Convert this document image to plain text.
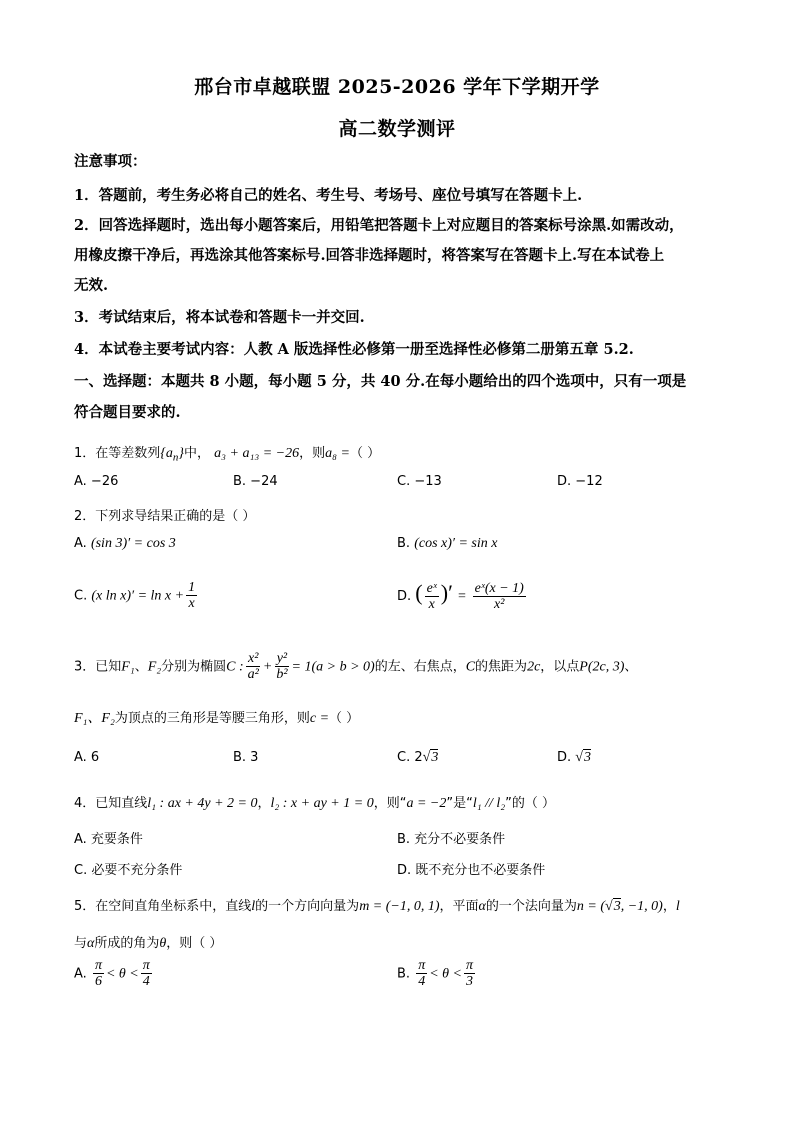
邢台市卓越联盟 2025-2026 学年下学期开学
高二数学测评
注意事项：
1．答题前，考生务必将自己的姓名、考生号、考场号、座位号填写在答题卡上.
2．回答选择题时，选出每小题答案后，用铅笔把答题卡上对应题目的答案标号涂黑.如需改动，
用橡皮擦干净后，再选涂其他答案标号.回答非选择题时，将答案写在答题卡上.写在本试卷上
无效.
3．考试结束后，将本试卷和答题卡一并交回.
4．本试卷主要考试内容：人教 A 版选择性必修第一册至选择性必修第二册第五章 5.2.
一、选择题：本题共 8 小题，每小题 5 分，共 40 分.在每小题给出的四个选项中，只有一项是
符合题目要求的.
1．在等差数列$\{a_n\}$中， a₃ + a₁₃ = −26，则a₈ =（ ）
A. −26	B. −24	C. −13	D. −12
2．下列求导结果正确的是（ ）
A. (sin 3)′ = cos 3	B. (cos x)′ = sin x
C. (x $\ln x)' = \ln x + \frac{1}{x}$	D. ( $\frac{\text{eˣ}}{x}$ )′ = $\frac{\text{eˣ(x − 1)}}{\text{x²}}$
3．已知F₁、F₂分别为椭圆C : $\frac{\text{x²}}{\text{a²}} + \frac{\text{y²}}{\text{b²}} = 1(a > b > 0)$的左、右焦点，C的焦距为2c，以点P(2c, 3)、
F₁、F₂为顶点的三角形是等腰三角形，则c =（ ）
A. 6	B. 3	C. 2√3	D. √3
4．已知直线l₁ : ax + 4y + 2 = 0，l₂ : x + ay + 1 = 0，则“a = −2”是“l₁ // l₂”的（ ）
A. 充要条件	B. 充分不必要条件
C. 必要不充分条件	D. 既不充分也不必要条件
5．在空间直角坐标系中，直线l的一个方向向量为m = (−1, 0, 1)，平面α的一个法向量为n = (√3, −1, 0)，l
与α所成的角为θ，则（ ）
A. $\frac{\pi}{6} < \theta < \frac{\pi}{4}$	B. $\frac{\pi}{4} < \theta < \frac{\pi}{3}$
